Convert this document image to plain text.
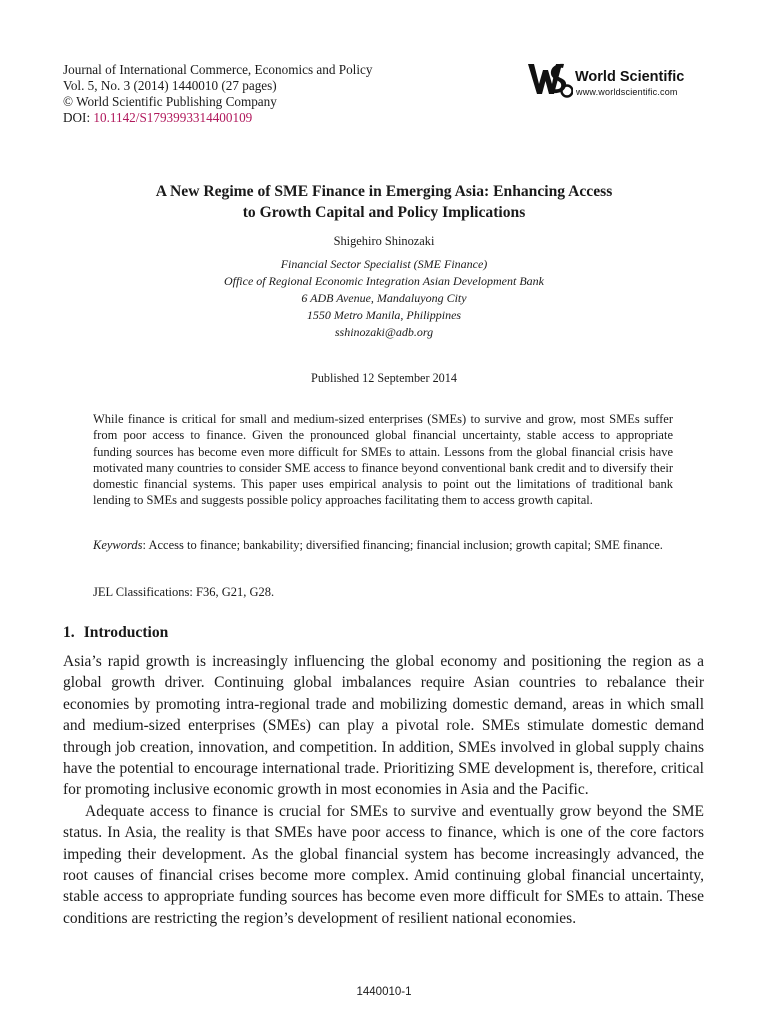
Journal of International Commerce, Economics and Policy
Vol. 5, No. 3 (2014) 1440010 (27 pages)
© World Scientific Publishing Company
DOI: 10.1142/S1793993314400109
World Scientific
www.worldscientific.com
A New Regime of SME Finance in Emerging Asia: Enhancing Access
to Growth Capital and Policy Implications
Shigehiro Shinozaki
Financial Sector Specialist (SME Finance)
Office of Regional Economic Integration Asian Development Bank
6 ADB Avenue, Mandaluyong City
1550 Metro Manila, Philippines
sshinozaki@adb.org
Published 12 September 2014
While finance is critical for small and medium-sized enterprises (SMEs) to survive and grow, most SMEs suffer from poor access to finance. Given the pronounced global financial uncertainty, stable access to appropriate funding sources has become even more difficult for SMEs to attain. Lessons from the global financial crisis have motivated many countries to consider SME access to finance beyond conventional bank credit and to diversify their domestic financial systems. This paper uses empirical analysis to point out the limitations of traditional bank lending to SMEs and suggests possible policy approaches facilitating them to access growth capital.
Keywords: Access to finance; bankability; diversified financing; financial inclusion; growth capital; SME finance.
JEL Classifications: F36, G21, G28.
1. Introduction

Asia’s rapid growth is increasingly influencing the global economy and positioning the region as a global growth driver. Continuing global imbalances require Asian countries to rebalance their economies by promoting intra-regional trade and mobilizing domestic demand, areas in which small and medium-sized enterprises (SMEs) can play a pivotal role. SMEs stimulate domestic demand through job creation, innovation, and competition. In addition, SMEs involved in global supply chains have the potential to encourage international trade. Prioritizing SME development is, therefore, critical for promoting inclusive economic growth in most economies in Asia and the Pacific.

Adequate access to finance is crucial for SMEs to survive and eventually grow beyond the SME status. In Asia, the reality is that SMEs have poor access to finance, which is one of the core factors impeding their development. As the global financial system has become increasingly advanced, the root causes of financial crises become more complex. Amid continuing global financial uncertainty, stable access to appropriate funding sources has become even more difficult for SMEs to attain. These conditions are restricting the region’s development of resilient national economies.

1440010-1
